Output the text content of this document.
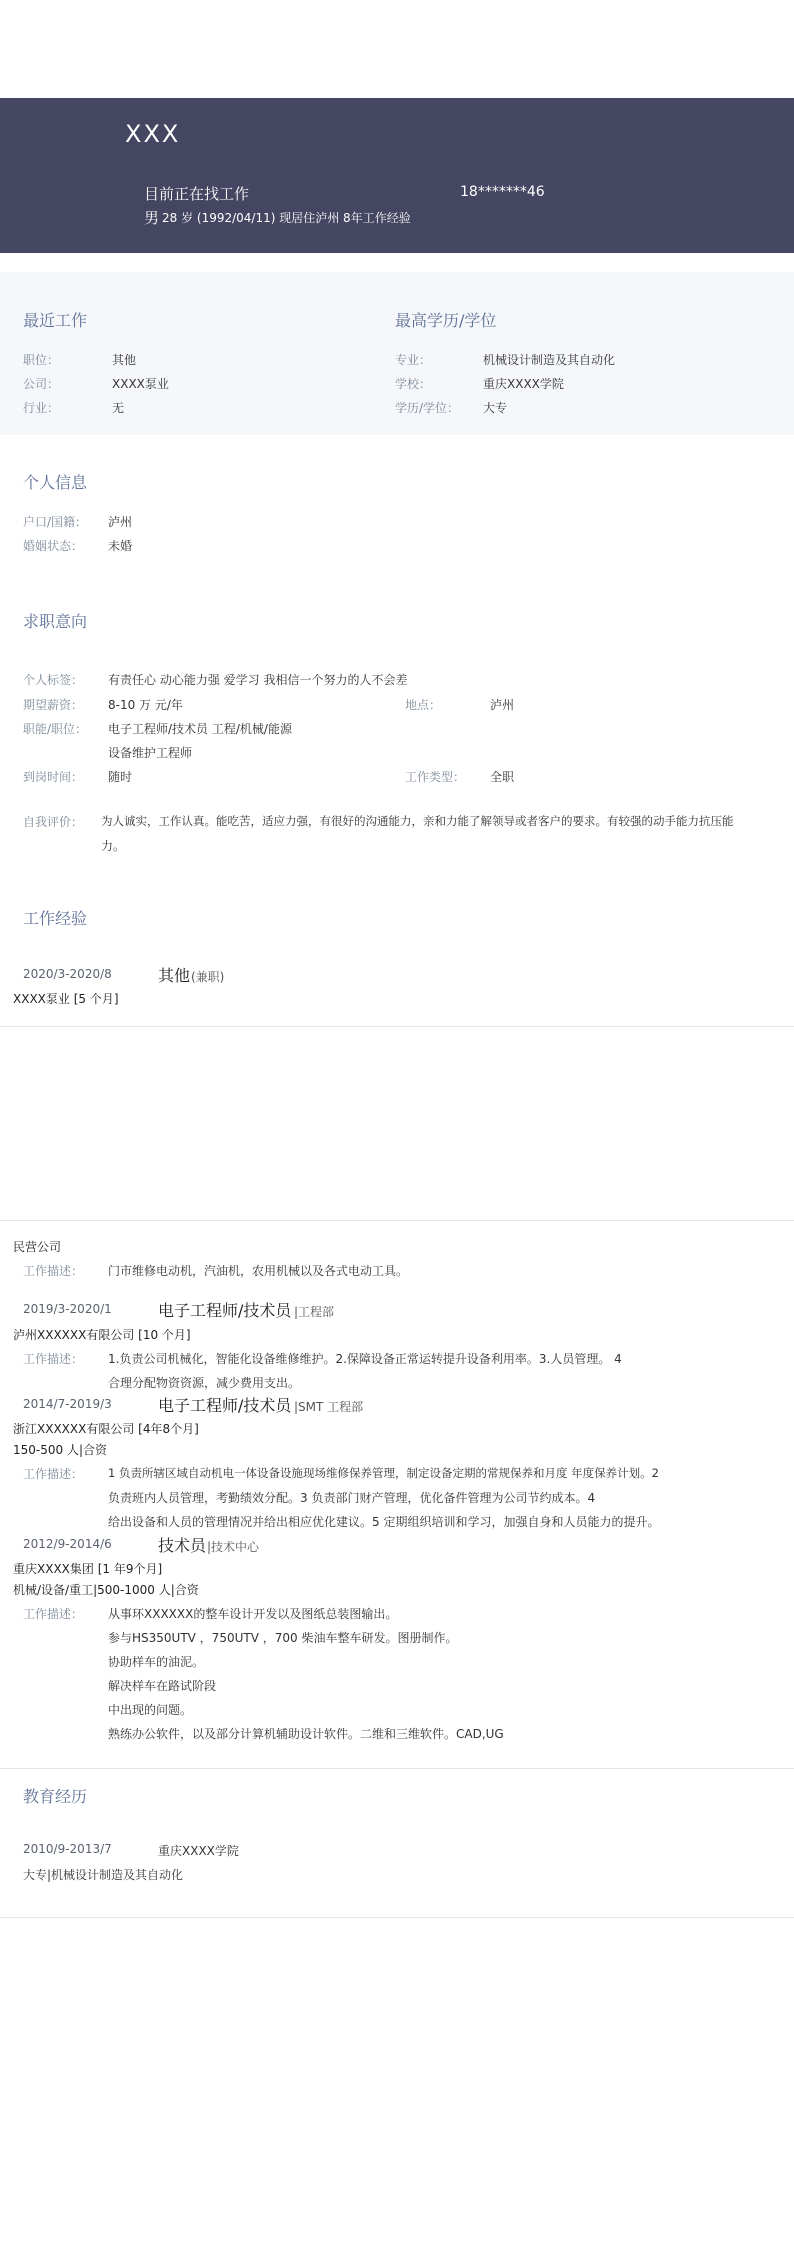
XXX
目前正在找工作	18*******46
男 28 岁 (1992/04/11) 现居住泸州 8年工作经验
最近工作
职位：	其他
公司：	XXXX泵业
行业：	无
最高学历/学位
专业：	机械设计制造及其自动化
学校：	重庆XXXX学院
学历/学位： 大专
个人信息
户口/国籍： 泸州
婚姻状态： 未婚
求职意向
个人标签： 有责任心 动心能力强 爱学习 我相信一个努力的人不会差
期望薪资： 8-10 万 元/年	地点：	泸州
职能/职位： 电子工程师/技术员 工程/机械/能源
设备维护工程师
到岗时间： 随时	工作类型： 全职
自我评价： 为人诚实，工作认真。能吃苦，适应力强，有很好的沟通能力，亲和力能了解领导或者客户的要求。有较强的动手能力抗压能
力。
工作经验
2020/3-2020/8	其他 (兼职)
XXXX泵业 [5 个月]
民营公司
工作描述： 门市维修电动机，汽油机，农用机械以及各式电动工具。
2019/3-2020/1	电子工程师/技术员 |工程部
泸州XXXXXX有限公司 [10 个月]
工作描述： 1.负责公司机械化，智能化设备维修维护。2.保障设备正常运转提升设备利用率。3.人员管理。 4
合理分配物资资源，减少费用支出。
2014/7-2019/3	电子工程师/技术员 |SMT 工程部
浙江XXXXXX有限公司 [4年8个月]
150-500 人|合资
工作描述： 1 负责所辖区域自动机电一体设备设施现场维修保养管理，制定设备定期的常规保养和月度 年度保养计划。2
负责班内人员管理，考勤绩效分配。3 负责部门财产管理，优化备件管理为公司节约成本。4
给出设备和人员的管理情况并给出相应优化建议。5 定期组织培训和学习，加强自身和人员能力的提升。
2012/9-2014/6	技术员 |技术中心
重庆XXXX集团 [1 年9个月]
机械/设备/重工|500-1000 人|合资
工作描述： 从事环XXXXXX的整车设计开发以及图纸总装图输出。
参与HS350UTV ，750UTV ，700 柴油车整车研发。图册制作。
协助样车的油泥。
解决样车在路试阶段
中出现的问题。
熟练办公软件，以及部分计算机辅助设计软件。二维和三维软件。CAD,UG
教育经历
2010/9-2013/7	重庆XXXX学院
大专|机械设计制造及其自动化
